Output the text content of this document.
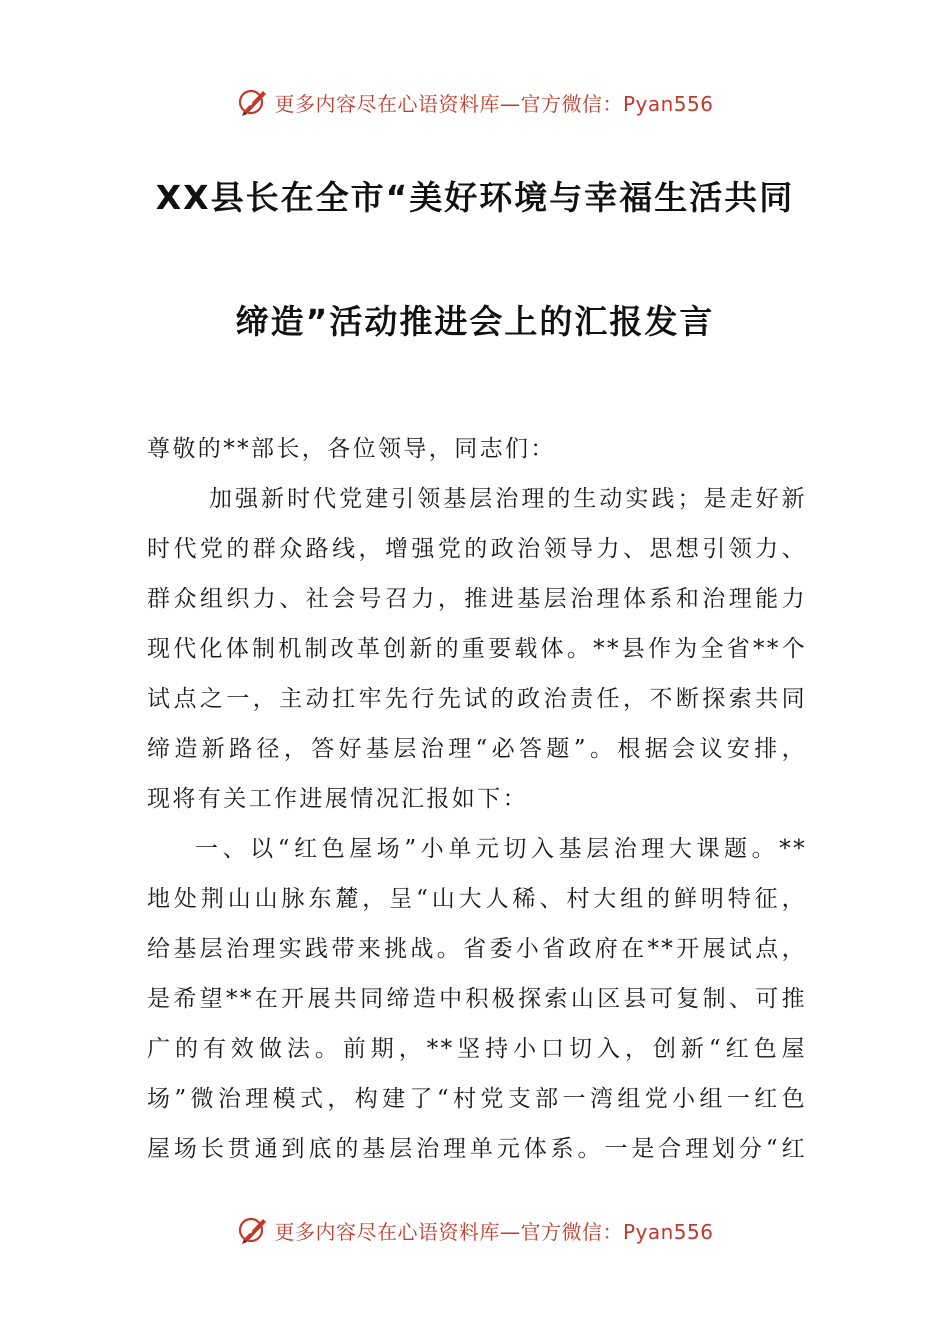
更多内容尽在心语资料库—官方微信：Pyan556
XX县长在全市“美好环境与幸福生活共同
缔造”活动推进会上的汇报发言
尊敬的**部长，各位领导，同志们：
加强新时代党建引领基层治理的生动实践；是走好新
时代党的群众路线，增强党的政治领导力、思想引领力、
群众组织力、社会号召力，推进基层治理体系和治理能力
现代化体制机制改革创新的重要载体。**县作为全省**个
试点之一，主动扛牢先行先试的政治责任，不断探索共同
缔造新路径，答好基层治理“必答题”。根据会议安排，
现将有关工作进展情况汇报如下：
一、以“红色屋场”小单元切入基层治理大课题。**
地处荆山山脉东麓，呈“山大人稀、村大组的鲜明特征，
给基层治理实践带来挑战。省委小省政府在**开展试点，
是希望**在开展共同缔造中积极探索山区县可复制、可推
广的有效做法。前期，**坚持小口切入，创新“红色屋
场”微治理模式，构建了“村党支部一湾组党小组一红色
屋场长贯通到底的基层治理单元体系。一是合理划分“红
更多内容尽在心语资料库—官方微信：Pyan556
